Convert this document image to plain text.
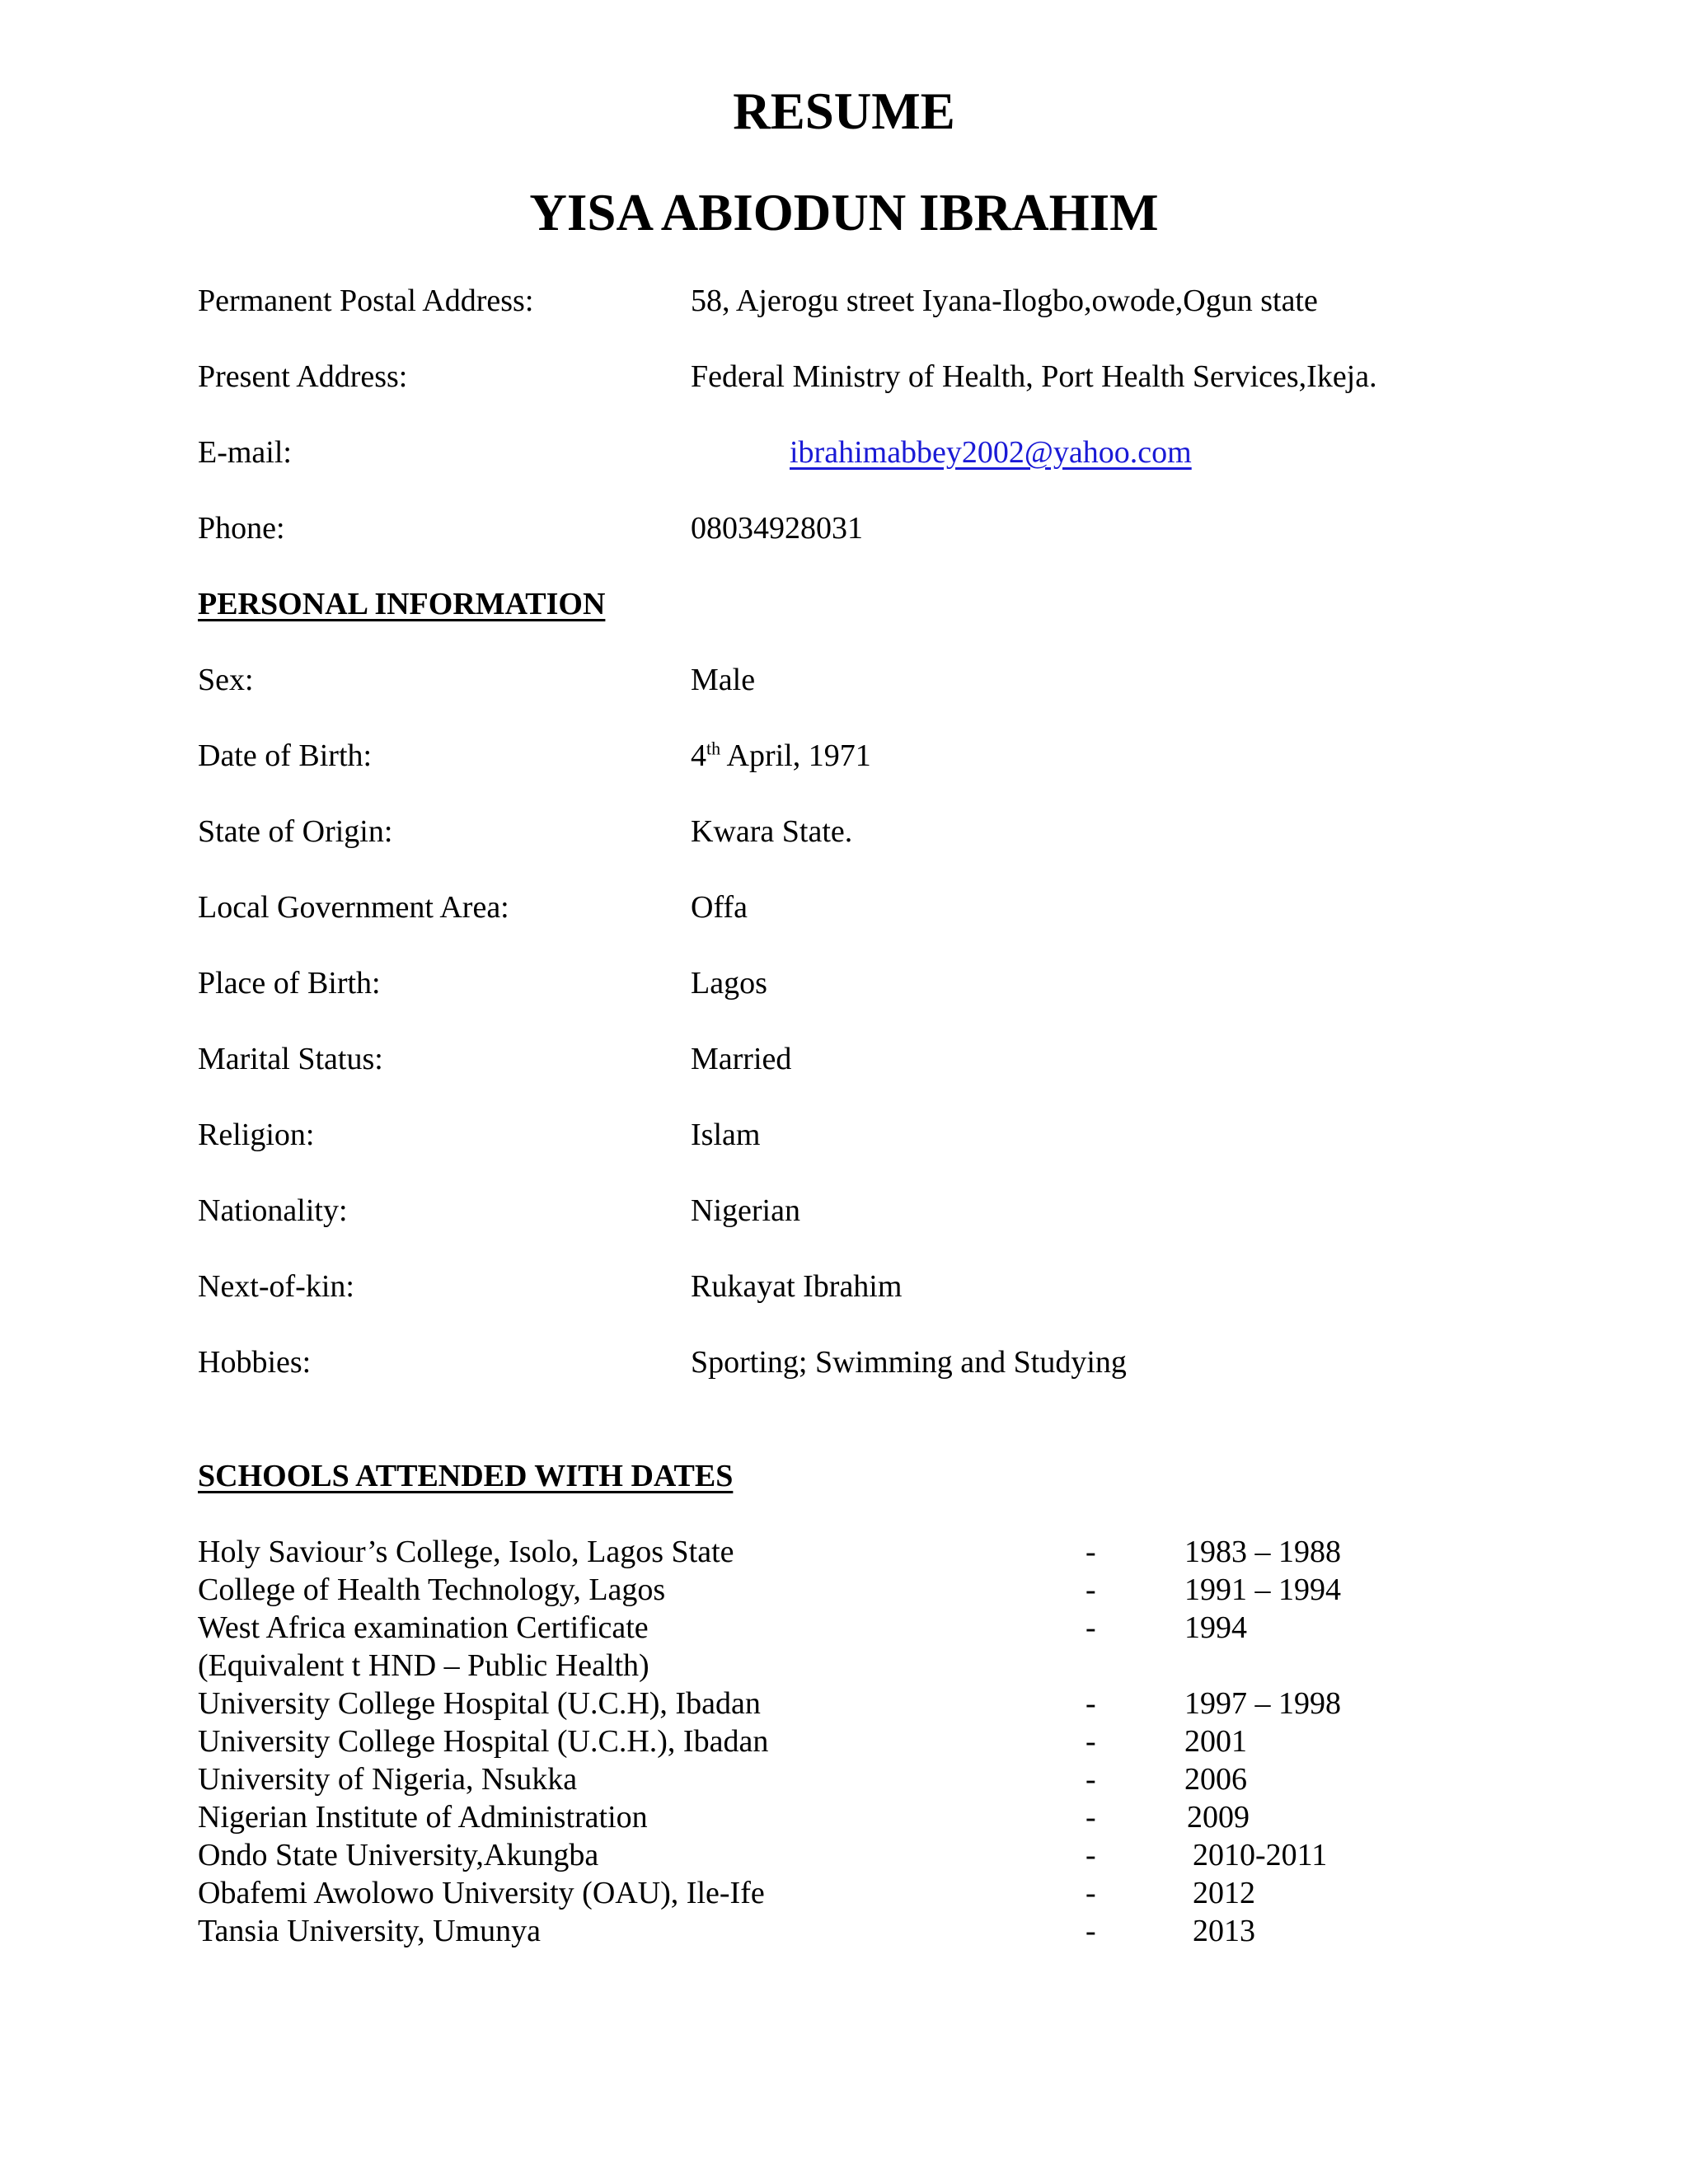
RESUME
YISA ABIODUN IBRAHIM
Permanent Postal Address:	58, Ajerogu street Iyana-Ilogbo,owode,Ogun state
Present Address:	Federal Ministry of Health, Port Health Services,Ikeja.
E-mail:	ibrahimabbey2002@yahoo.com
Phone:	08034928031
PERSONAL INFORMATION
Sex:	Male
Date of Birth:	4th April, 1971
State of Origin:	Kwara State.
Local Government Area:	Offa
Place of Birth:	Lagos
Marital Status:	Married
Religion:	Islam
Nationality:	Nigerian
Next-of-kin:	Rukayat Ibrahim
Hobbies:	Sporting; Swimming and Studying
SCHOOLS ATTENDED WITH DATES
Holy Saviour’s College, Isolo, Lagos State	-	1983 – 1988
College of Health Technology, Lagos	-	1991 – 1994
West Africa examination Certificate	-	1994
(Equivalent t HND – Public Health)
University College Hospital (U.C.H), Ibadan	-	1997 – 1998
University College Hospital (U.C.H.), Ibadan	-	2001
University of Nigeria, Nsukka	-	2006
Nigerian Institute of Administration	-	2009
Ondo State University,Akungba	-	2010-2011
Obafemi Awolowo University (OAU), Ile-Ife	-	2012
Tansia University, Umunya	-	2013
